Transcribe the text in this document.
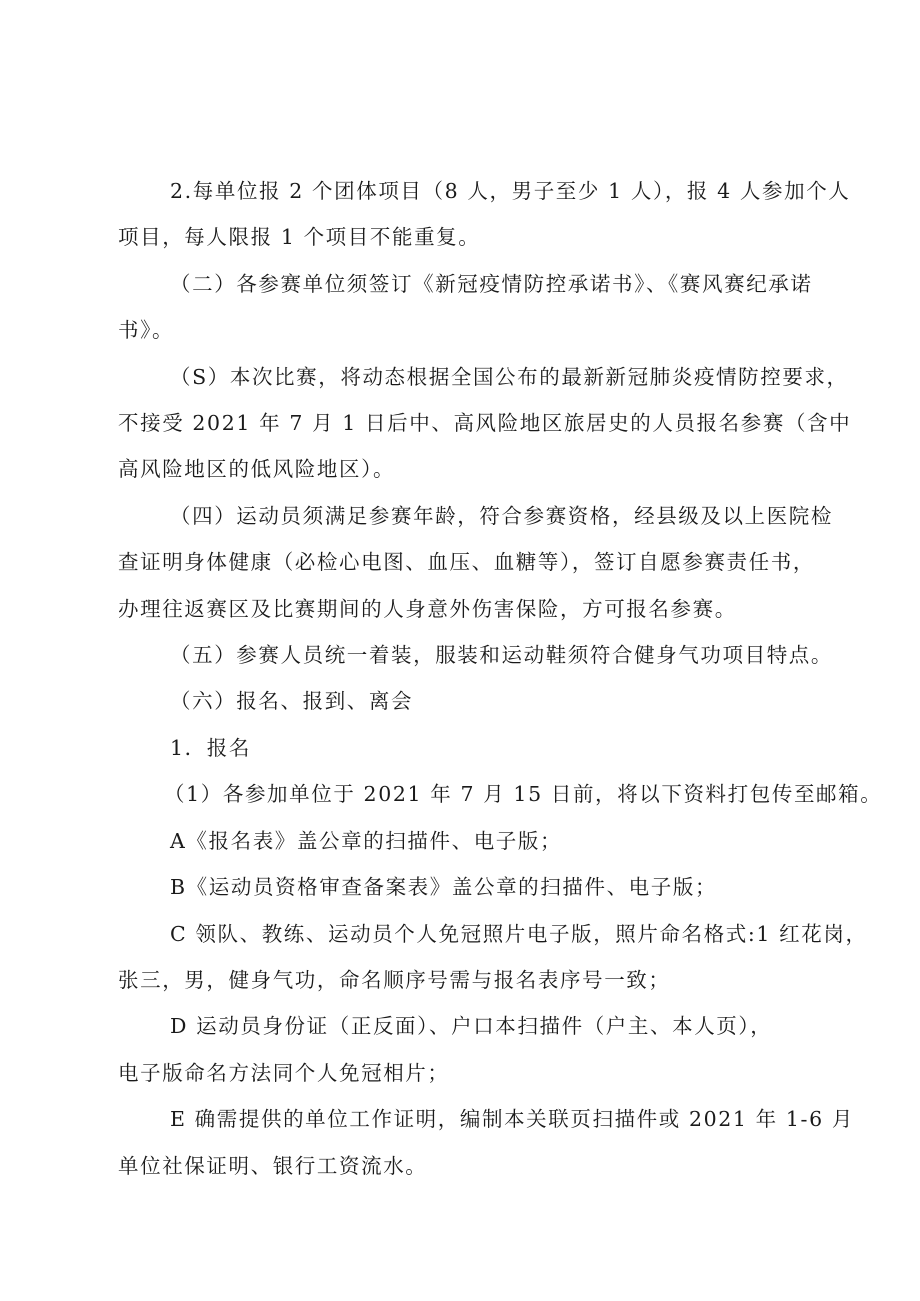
2.每单位报 2 个团体项目（8 人，男子至少 1 人），报 4 人参加个人
项目，每人限报 1 个项目不能重复。

（二）各参赛单位须签订《新冠疫情防控承诺书》、《赛风赛纪承诺
书》。

（S）本次比赛，将动态根据全国公布的最新新冠肺炎疫情防控要求，
不接受 2021 年 7 月 1 日后中、高风险地区旅居史的人员报名参赛（含中
高风险地区的低风险地区）。

（四）运动员须满足参赛年龄，符合参赛资格，经县级及以上医院检
查证明身体健康（必检心电图、血压、血糖等），签订自愿参赛责任书，
办理往返赛区及比赛期间的人身意外伤害保险，方可报名参赛。

（五）参赛人员统一着装，服装和运动鞋须符合健身气功项目特点。

（六）报名、报到、离会

1．报名

（1）各参加单位于 2021 年 7 月 15 日前，将以下资料打包传至邮箱。

A《报名表》盖公章的扫描件、电子版；

B《运动员资格审查备案表》盖公章的扫描件、电子版；

C 领队、教练、运动员个人免冠照片电子版，照片命名格式:1 红花岗，
张三，男，健身气功，命名顺序号需与报名表序号一致；

D 运动员身份证（正反面）、户口本扫描件（户主、本人页），
电子版命名方法同个人免冠相片；

E 确需提供的单位工作证明，编制本关联页扫描件或 2021 年 1-6 月
单位社保证明、银行工资流水。
